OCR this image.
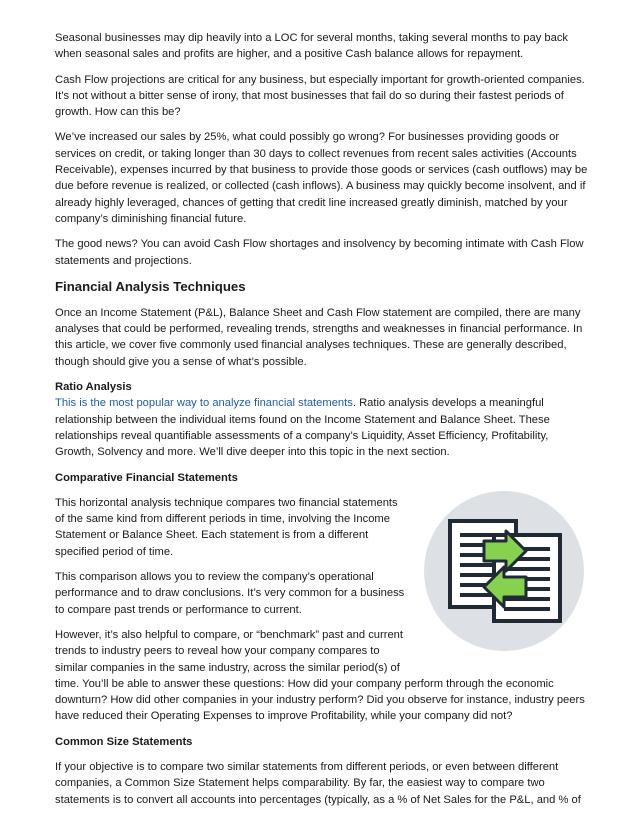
Seasonal businesses may dip heavily into a LOC for several months, taking several months to pay back when seasonal sales and profits are higher, and a positive Cash balance allows for repayment.

Cash Flow projections are critical for any business, but especially important for growth-oriented companies. It’s not without a bitter sense of irony, that most businesses that fail do so during their fastest periods of growth. How can this be?

We’ve increased our sales by 25%, what could possibly go wrong? For businesses providing goods or services on credit, or taking longer than 30 days to collect revenues from recent sales activities (Accounts Receivable), expenses incurred by that business to provide those goods or services (cash outflows) may be due before revenue is realized, or collected (cash inflows). A business may quickly become insolvent, and if already highly leveraged, chances of getting that credit line increased greatly diminish, matched by your company’s diminishing financial future.

The good news? You can avoid Cash Flow shortages and insolvency by becoming intimate with Cash Flow statements and projections.

Financial Analysis Techniques

Once an Income Statement (P&L), Balance Sheet and Cash Flow statement are compiled, there are many analyses that could be performed, revealing trends, strengths and weaknesses in financial performance. In this article, we cover five commonly used financial analyses techniques. These are generally described, though should give you a sense of what’s possible.

Ratio Analysis

This is the most popular way to analyze financial statements. Ratio analysis develops a meaningful relationship between the individual items found on the Income Statement and Balance Sheet. These relationships reveal quantifiable assessments of a company’s Liquidity, Asset Efficiency, Profitability, Growth, Solvency and more. We’ll dive deeper into this topic in the next section.

Comparative Financial Statements

This horizontal analysis technique compares two financial statements of the same kind from different periods in time, involving the Income Statement or Balance Sheet. Each statement is from a different specified period of time.

This comparison allows you to review the company’s operational performance and to draw conclusions. It’s very common for a business to compare past trends or performance to current.

However, it’s also helpful to compare, or “benchmark” past and current trends to industry peers to reveal how your company compares to similar companies in the same industry, across the similar period(s) of

time. You’ll be able to answer these questions: How did your company perform through the economic downturn? How did other companies in your industry perform? Did you observe for instance, industry peers have reduced their Operating Expenses to improve Profitability, while your company did not?

Common Size Statements

If your objective is to compare two similar statements from different periods, or even between different companies, a Common Size Statement helps comparability. By far, the easiest way to compare two statements is to convert all accounts into percentages (typically, as a % of Net Sales for the P&L, and % of
